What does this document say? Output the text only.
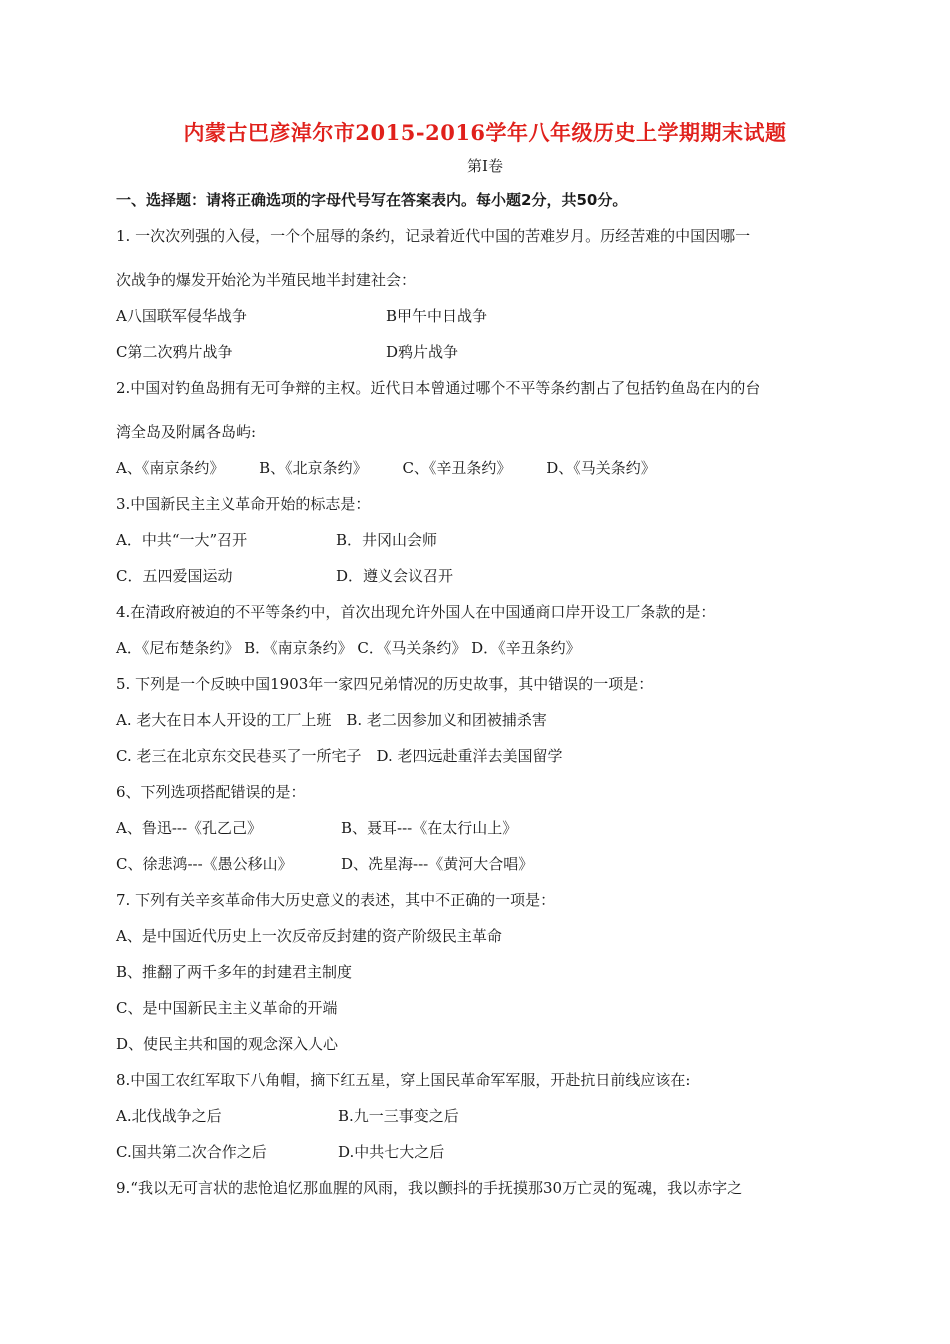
内蒙古巴彦淖尔市2015-2016学年八年级历史上学期期末试题
第Ⅰ卷
一、选择题：请将正确选项的字母代号写在答案表内。每小题2分，共50分。
1. 一次次列强的入侵，一个个屈辱的条约，记录着近代中国的苦难岁月。历经苦难的中国因哪一
次战争的爆发开始沦为半殖民地半封建社会：
A八国联军侵华战争	B甲午中日战争
C第二次鸦片战争	D鸦片战争
2.中国对钓鱼岛拥有无可争辩的主权。近代日本曾通过哪个不平等条约割占了包括钓鱼岛在内的台
湾全岛及附属各岛屿:
A、《南京条约》 B、《北京条约》 C、《辛丑条约》 D、《马关条约》
3.中国新民主主义革命开始的标志是：
A．中共“一大”召开	B．井冈山会师
C．五四爱国运动	D．遵义会议召开
4.在清政府被迫的不平等条约中，首次出现允许外国人在中国通商口岸开设工厂条款的是：
A．《尼布楚条约》 B．《南京条约》 C．《马关条约》 D．《辛丑条约》
5. 下列是一个反映中国1903年一家四兄弟情况的历史故事，其中错误的一项是：
A. 老大在日本人开设的工厂上班　B. 老二因参加义和团被捕杀害
C. 老三在北京东交民巷买了一所宅子　D. 老四远赴重洋去美国留学
6、下列选项搭配错误的是：
A、鲁迅---《孔乙己》	B、聂耳---《在太行山上》
C、徐悲鸿---《愚公移山》	D、冼星海---《黄河大合唱》
7. 下列有关辛亥革命伟大历史意义的表述，其中不正确的一项是：
A、是中国近代历史上一次反帝反封建的资产阶级民主革命
B、推翻了两千多年的封建君主制度
C、是中国新民主主义革命的开端
D、使民主共和国的观念深入人心
8.中国工农红军取下八角帽，摘下红五星，穿上国民革命军军服，开赴抗日前线应该在:
A.北伐战争之后	B.九一三事变之后
C.国共第二次合作之后	D.中共七大之后
9.“我以无可言状的悲怆追忆那血腥的风雨，我以颤抖的手抚摸那30万亡灵的冤魂，我以赤字之
